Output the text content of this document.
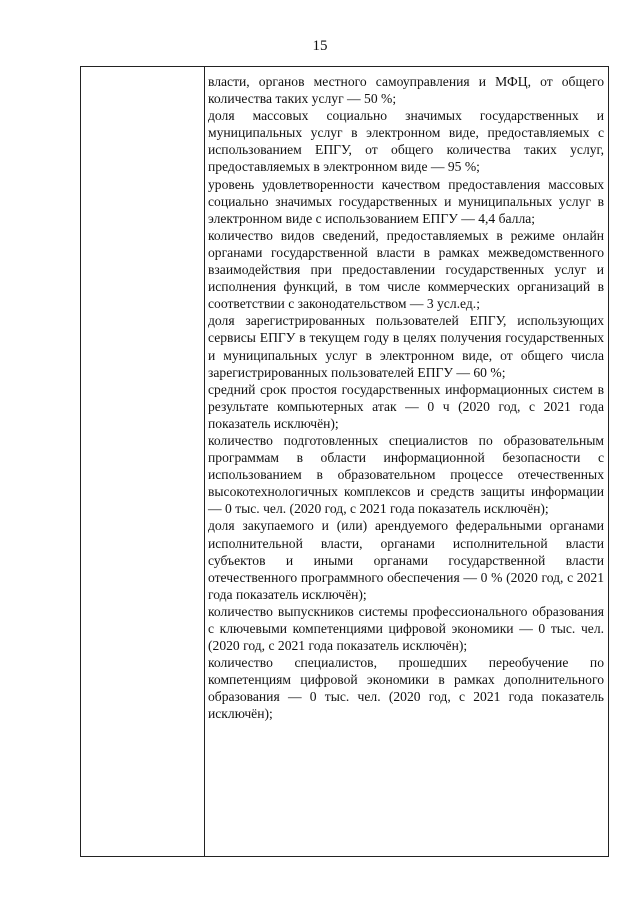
15

власти, органов местного самоуправления и МФЦ, от общего количества таких услуг — 50 %;

доля массовых социально значимых государственных и муниципальных услуг в электронном виде, предоставляемых с использованием ЕПГУ, от общего количества таких услуг, предоставляемых в электронном виде — 95 %;

уровень удовлетворенности качеством предоставления массовых социально значимых государственных и муниципальных услуг в электронном виде с использованием ЕПГУ — 4,4 балла;

количество видов сведений, предоставляемых в режиме онлайн органами государственной власти в рамках межведомственного взаимодействия при предоставлении государственных услуг и исполнения функций, в том числе коммерческих организаций в соответствии с законодательством — 3 усл.ед.;

доля зарегистрированных пользователей ЕПГУ, использующих сервисы ЕПГУ в текущем году в целях получения государственных и муниципальных услуг в электронном виде, от общего числа зарегистрированных пользователей ЕПГУ — 60 %;

средний срок простоя государственных информационных систем в результате компьютерных атак — 0 ч (2020 год, с 2021 года показатель исключён);

количество подготовленных специалистов по образовательным программам в области информационной безопасности с использованием в образовательном процессе отечественных высокотехнологичных комплексов и средств защиты информации — 0 тыс. чел. (2020 год, с 2021 года показатель исключён);

доля закупаемого и (или) арендуемого федеральными органами исполнительной власти, органами исполнительной власти субъектов и иными органами государственной власти отечественного программного обеспечения — 0 % (2020 год, с 2021 года показатель исключён);

количество выпускников системы профессионального образования с ключевыми компетенциями цифровой экономики — 0 тыс. чел. (2020 год, с 2021 года показатель исключён);

количество специалистов, прошедших переобучение по компетенциям цифровой экономики в рамках дополнительного образования — 0 тыс. чел. (2020 год, с 2021 года показатель исключён);
